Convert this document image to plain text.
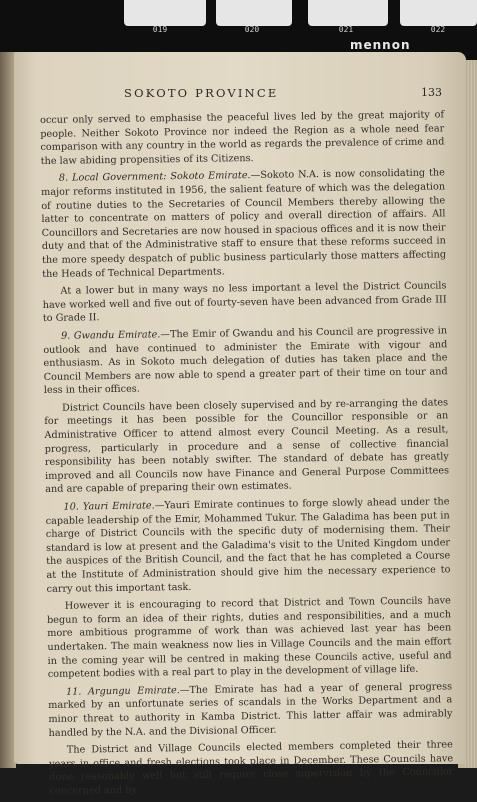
019	020	021	022
mennon
SOKOTO PROVINCE	133

occur only served to emphasise the peaceful lives led by the great majority of people. Neither Sokoto Province nor indeed the Region as a whole need fear comparison with any country in the world as regards the prevalence of crime and the law abiding propensities of its Citizens.

8. Local Government: Sokoto Emirate.—Sokoto N.A. is now consolidating the major reforms instituted in 1956, the salient feature of which was the delegation of routine duties to the Secretaries of Council Members thereby allowing the latter to concentrate on matters of policy and overall direction of affairs. All Councillors and Secretaries are now housed in spacious offices and it is now their duty and that of the Administrative staff to ensure that these reforms succeed in the more speedy despatch of public business particularly those matters affecting the Heads of Technical Departments.

At a lower but in many ways no less important a level the District Councils have worked well and five out of fourty-seven have been advanced from Grade III to Grade II.

9. Gwandu Emirate.—The Emir of Gwandu and his Council are progressive in outlook and have continued to administer the Emirate with vigour and enthusiasm. As in Sokoto much delegation of duties has taken place and the Council Members are now able to spend a greater part of their time on tour and less in their offices.

District Councils have been closely supervised and by re-arranging the dates for meetings it has been possible for the Councillor responsible or an Administrative Officer to attend almost every Council Meeting. As a result, progress, particularly in procedure and a sense of collective financial responsibility has been notably swifter. The standard of debate has greatly improved and all Councils now have Finance and General Purpose Committees and are capable of preparing their own estimates.

10. Yauri Emirate.—Yauri Emirate continues to forge slowly ahead under the capable leadership of the Emir, Mohammed Tukur. The Galadima has been put in charge of District Councils with the specific duty of modernising them. Their standard is low at present and the Galadima's visit to the United Kingdom under the auspices of the British Council, and the fact that he has completed a Course at the Institute of Administration should give him the necessary experience to carry out this important task.

However it is encouraging to record that District and Town Councils have begun to form an idea of their rights, duties and responsibilities, and a much more ambitious programme of work than was achieved last year has been undertaken. The main weakness now lies in Village Councils and the main effort in the coming year will be centred in making these Councils active, useful and competent bodies with a real part to play in the development of village life.

11. Argungu Emirate.—The Emirate has had a year of general progress marked by an unfortunate series of scandals in the Works Department and a minor threat to authority in Kamba District. This latter affair was admirably handled by the N.A. and the Divisional Officer.

The District and Village Councils elected members completed their three years in office and fresh elections took place in December. These Councils have done reasonably well but still require close supervision by the Councillor concerned and by
